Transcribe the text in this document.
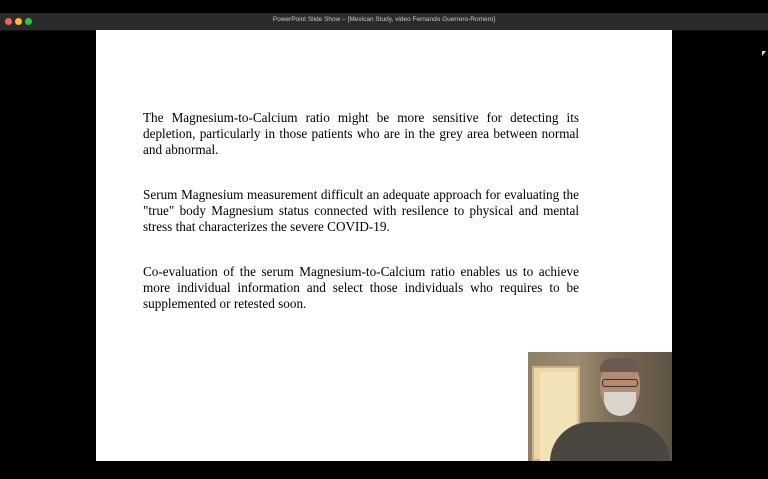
PowerPoint Slide Show – [Mexican Study, video Fernando Guerrero-Romero]

The Magnesium-to-Calcium ratio might be more sensitive for detecting its depletion, particularly in those patients who are in the grey area between normal and abnormal.

Serum Magnesium measurement difficult an adequate approach for evaluating the "true" body Magnesium status connected with resilence to physical and mental stress that characterizes the severe COVID-19.

Co-evaluation of the serum Magnesium-to-Calcium ratio enables us to achieve more individual information and select those individuals who requires to be supplemented or retested soon.
